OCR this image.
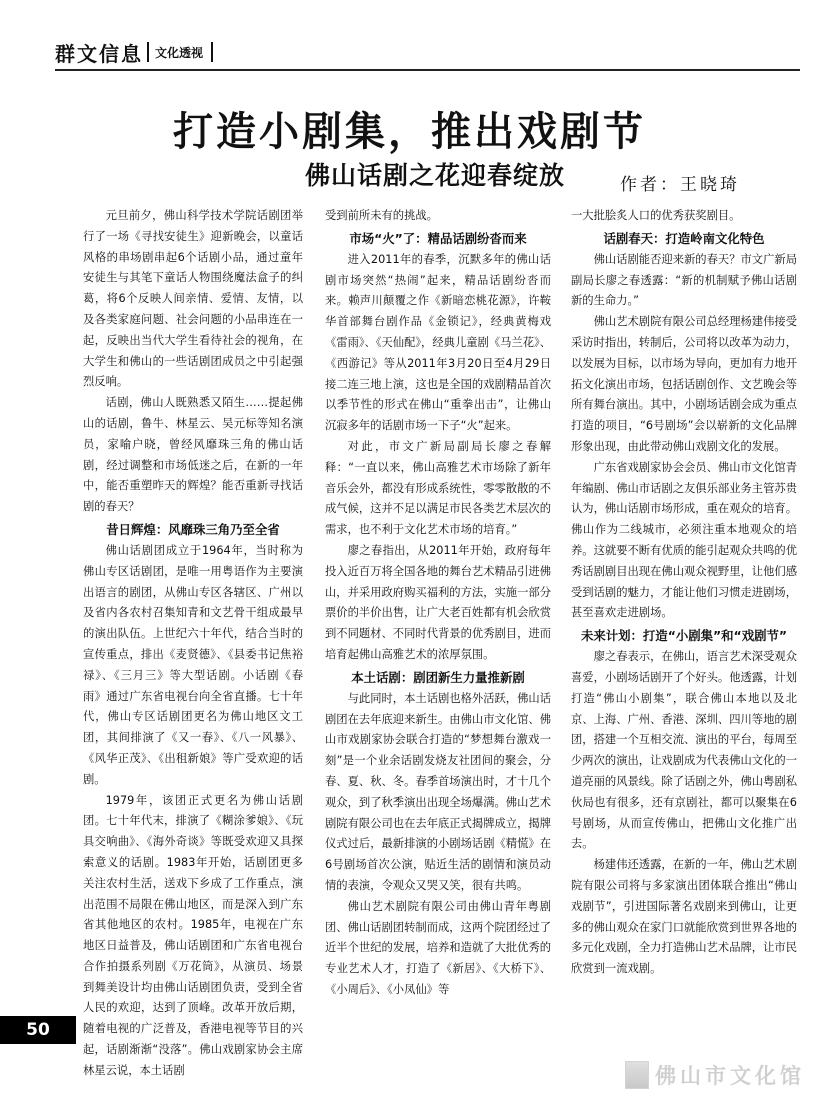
群文信息 文化透视
打造小剧集，推出戏剧节
佛山话剧之花迎春绽放	作者：王晓琦

元旦前夕，佛山科学技术学院话剧团举行了一场《寻找安徒生》迎新晚会，以童话风格的串场剧串起6个话剧小品，通过童年安徒生与其笔下童话人物围绕魔法盒子的纠葛，将6个反映人间亲情、爱情、友情，以及各类家庭问题、社会问题的小品串连在一起，反映出当代大学生看待社会的视角，在大学生和佛山的一些话剧团成员之中引起强烈反响。

话剧，佛山人既熟悉又陌生……提起佛山的话剧，鲁牛、林星云、吴元标等知名演员，家喻户晓，曾经风靡珠三角的佛山话剧，经过调整和市场低迷之后，在新的一年中，能否重塑昨天的辉煌？能否重新寻找话剧的春天？

昔日辉煌：风靡珠三角乃至全省

佛山话剧团成立于1964年，当时称为佛山专区话剧团，是唯一用粤语作为主要演出语言的剧团，从佛山专区各辖区、广州以及省内各农村召集知青和文艺骨干组成最早的演出队伍。上世纪六十年代，结合当时的宣传重点，排出《麦贤德》、《县委书记焦裕禄》、《三月三》等大型话剧。小话剧《春雨》通过广东省电视台向全省直播。七十年代，佛山专区话剧团更名为佛山地区文工团，其间排演了《又一春》、《八一风暴》、《风华正茂》、《出租新娘》等广受欢迎的话剧。

1979年，该团正式更名为佛山话剧团。七十年代末，排演了《糊涂爹娘》、《玩具交响曲》、《海外奇谈》等既受欢迎又具探索意义的话剧。1983年开始，话剧团更多关注农村生活，送戏下乡成了工作重点，演出范围不局限在佛山地区，而是深入到广东省其他地区的农村。1985年，电视在广东地区日益普及，佛山话剧团和广东省电视台合作拍摄系列剧《万花筒》，从演员、场景到舞美设计均由佛山话剧团负责，受到全省人民的欢迎，达到了顶峰。改革开放后期，随着电视的广泛普及，香港电视等节目的兴起，话剧渐渐“没落”。佛山戏剧家协会主席林星云说，本土话剧

受到前所未有的挑战。

市场“火”了：精品话剧纷沓而来

进入2011年的春季，沉默多年的佛山话剧市场突然“热闹”起来，精品话剧纷沓而来。赖声川颠覆之作《新暗恋桃花源》，许鞍华首部舞台剧作品《金锁记》，经典黄梅戏《雷雨》、《天仙配》，经典儿童剧《马兰花》、《西游记》等从2011年3月20日至4月29日接二连三地上演，这也是全国的戏剧精品首次以季节性的形式在佛山“重拳出击”，让佛山沉寂多年的话剧市场一下子“火”起来。

对此，市文广新局副局长廖之春解释：“一直以来，佛山高雅艺术市场除了新年音乐会外，都没有形成系统性，零零散散的不成气候，这并不足以满足市民各类艺术层次的需求，也不利于文化艺术市场的培育。”

廖之春指出，从2011年开始，政府每年投入近百万将全国各地的舞台艺术精品引进佛山，并采用政府购买福利的方法，实施一部分票价的半价出售，让广大老百姓都有机会欣赏到不同题材、不同时代背景的优秀剧目，进而培育起佛山高雅艺术的浓厚氛围。

本土话剧：剧团新生力量推新剧

与此同时，本土话剧也格外活跃，佛山话剧团在去年底迎来新生。由佛山市文化馆、佛山市戏剧家协会联合打造的“梦想舞台激戏一刻”是一个业余话剧发烧友社团间的聚会，分春、夏、秋、冬。春季首场演出时，才十几个观众，到了秋季演出出现全场爆满。佛山艺术剧院有限公司也在去年底正式揭牌成立，揭牌仪式过后，最新排演的小剧场话剧《精慌》在6号剧场首次公演，贴近生活的剧情和演员动情的表演，令观众又哭又笑，很有共鸣。

佛山艺术剧院有限公司由佛山青年粤剧团、佛山话剧团转制而成，这两个院团经过了近半个世纪的发展，培养和造就了大批优秀的专业艺术人才，打造了《新居》、《大桥下》、《小周后》、《小凤仙》等

一大批脍炙人口的优秀获奖剧目。

话剧春天：打造岭南文化特色

佛山话剧能否迎来新的春天？市文广新局副局长廖之春透露：“新的机制赋予佛山话剧新的生命力。”

佛山艺术剧院有限公司总经理杨建伟接受采访时指出，转制后，公司将以改革为动力，以发展为目标，以市场为导向，更加有力地开拓文化演出市场，包括话剧创作、文艺晚会等所有舞台演出。其中，小剧场话剧会成为重点打造的项目，“6号剧场”会以崭新的文化品牌形象出现，由此带动佛山戏剧文化的发展。

广东省戏剧家协会会员、佛山市文化馆青年编剧、佛山市话剧之友俱乐部业务主管苏贵认为，佛山话剧市场形成，重在观众的培育。佛山作为二线城市，必须注重本地观众的培养。这就要不断有优质的能引起观众共鸣的优秀话剧剧目出现在佛山观众视野里，让他们感受到话剧的魅力，才能让他们习惯走进剧场，甚至喜欢走进剧场。

未来计划：打造“小剧集”和“戏剧节”

廖之春表示，在佛山，语言艺术深受观众喜爱，小剧场话剧开了个好头。他透露，计划打造“佛山小剧集”，联合佛山本地以及北京、上海、广州、香港、深圳、四川等地的剧团，搭建一个互相交流、演出的平台，每周至少两次的演出，让戏剧成为代表佛山文化的一道亮丽的风景线。除了话剧之外，佛山粤剧私伙局也有很多，还有京剧社，都可以聚集在6号剧场，从而宣传佛山，把佛山文化推广出去。

杨建伟还透露，在新的一年，佛山艺术剧院有限公司将与多家演出团体联合推出“佛山戏剧节”，引进国际著名戏剧来到佛山，让更多的佛山观众在家门口就能欣赏到世界各地的多元化戏剧，全力打造佛山艺术品牌，让市民欣赏到一流戏剧。

50
佛山市文化馆
